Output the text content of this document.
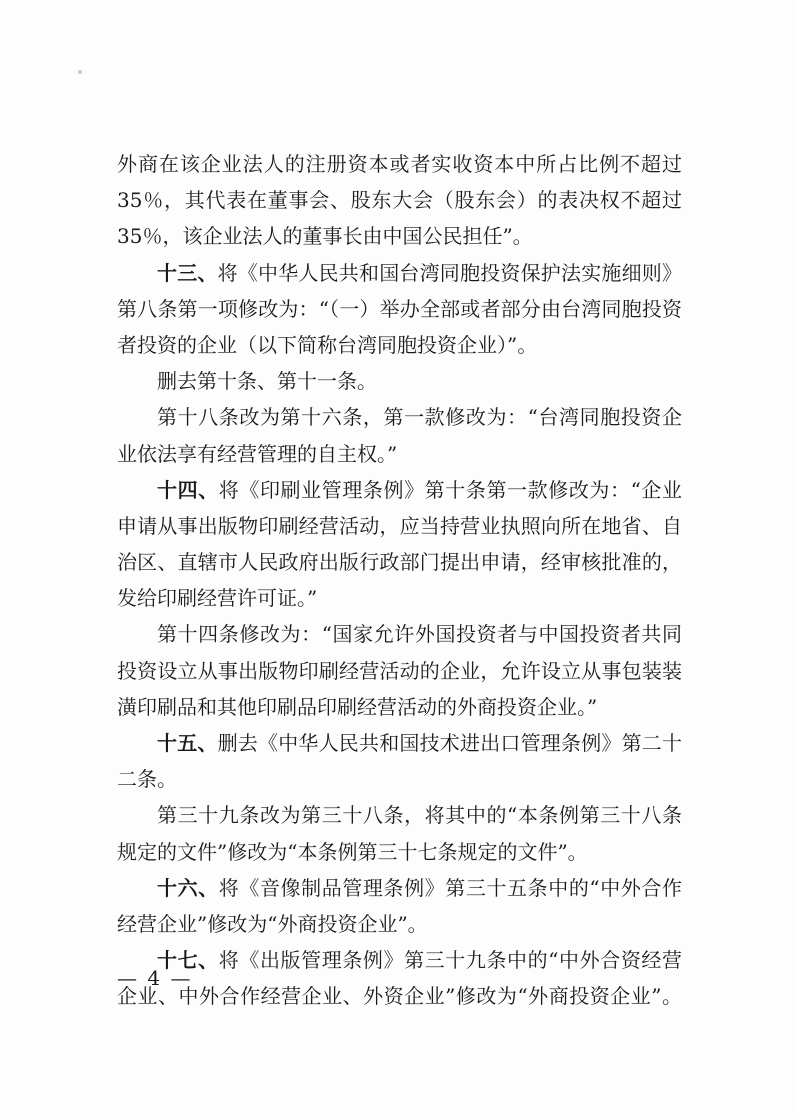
外商在该企业法人的注册资本或者实收资本中所占比例不超过
35％，其代表在董事会、股东大会（股东会）的表决权不超过
35％，该企业法人的董事长由中国公民担任”。
十三、将《中华人民共和国台湾同胞投资保护法实施细则》
第八条第一项修改为：“（一）举办全部或者部分由台湾同胞投资
者投资的企业（以下简称台湾同胞投资企业）”。
删去第十条、第十一条。
第十八条改为第十六条，第一款修改为：“台湾同胞投资企
业依法享有经营管理的自主权。”
十四、将《印刷业管理条例》第十条第一款修改为：“企业
申请从事出版物印刷经营活动，应当持营业执照向所在地省、自
治区、直辖市人民政府出版行政部门提出申请，经审核批准的，
发给印刷经营许可证。”
第十四条修改为：“国家允许外国投资者与中国投资者共同
投资设立从事出版物印刷经营活动的企业，允许设立从事包装装
潢印刷品和其他印刷品印刷经营活动的外商投资企业。”
十五、删去《中华人民共和国技术进出口管理条例》第二十
二条。
第三十九条改为第三十八条，将其中的“本条例第三十八条
规定的文件”修改为“本条例第三十七条规定的文件”。
十六、将《音像制品管理条例》第三十五条中的“中外合作
经营企业”修改为“外商投资企业”。
十七、将《出版管理条例》第三十九条中的“中外合资经营
企业、中外合作经营企业、外资企业”修改为“外商投资企业”。
— 4 —
